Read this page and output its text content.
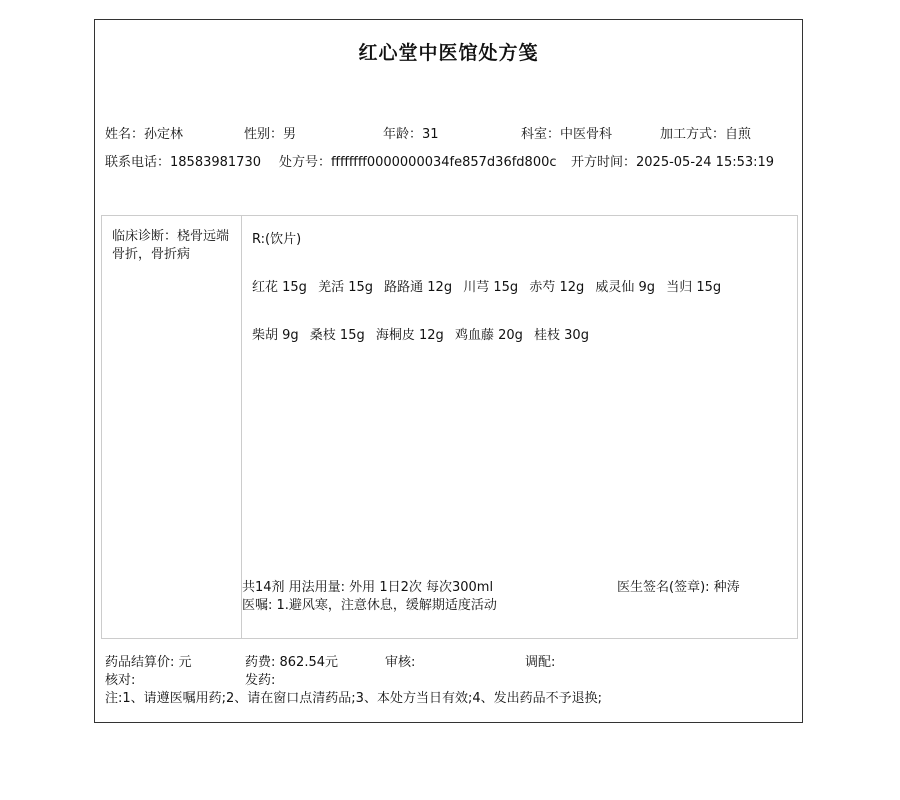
红心堂中医馆处方笺
姓名：孙定林	性别：男	年龄：31	科室：中医骨科	加工方式：自煎
联系电话：18583981730 处方号：ffffffff0000000034fe857d36fd800c 开方时间：2025-05-24 15:53:19
临床诊断：桡骨远端骨折，骨折病
R:(饮片)
红花 15g 羌活 15g 路路通 12g 川芎 15g 赤芍 12g 威灵仙 9g 当归 15g
柴胡 9g 桑枝 15g 海桐皮 12g 鸡血藤 20g 桂枝 30g
共14剂 用法用量: 外用 1日2次 每次300ml	医生签名(签章): 种涛
医嘱: 1.避风寒，注意休息，缓解期适度活动
药品结算价: 元	药费: 862.54元	审核:	调配:
核对:	发药:
注:1、请遵医嘱用药;2、请在窗口点清药品;3、本处方当日有效;4、发出药品不予退换;
